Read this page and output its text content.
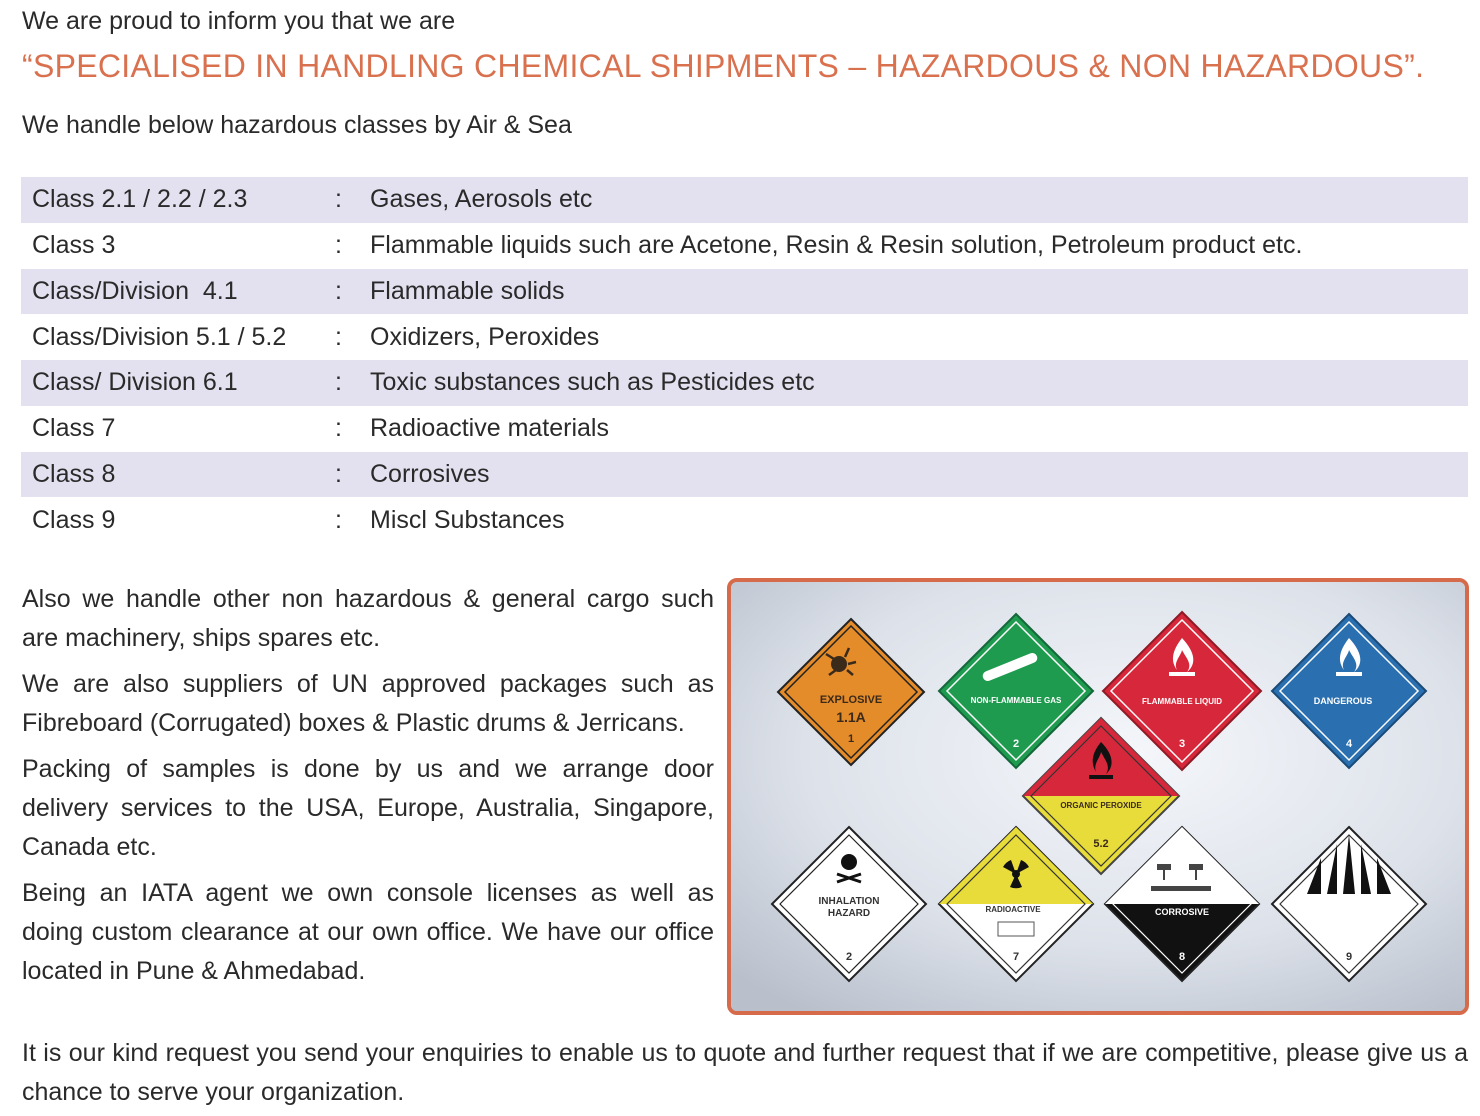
We are proud to inform you that we are

“SPECIALISED IN HANDLING CHEMICAL SHIPMENTS – HAZARDOUS & NON HAZARDOUS”.

We handle below hazardous classes by Air & Sea

Class 2.1 / 2.2 / 2.3	:	Gases, Aerosols etc
Class 3	:	Flammable liquids such are Acetone, Resin & Resin solution, Petroleum product etc.
Class/Division  4.1	:	Flammable solids
Class/Division 5.1 / 5.2	:	Oxidizers, Peroxides
Class/ Division 6.1	:	Toxic substances such as Pesticides etc
Class 7	:	Radioactive materials
Class 8	:	Corrosives
Class 9	:	Miscl Substances

Also we handle other non hazardous & general cargo such are machinery, ships spares etc.

We are also suppliers of UN approved packages such as Fibreboard (Corrugated) boxes & Plastic drums & Jerricans.

Packing of samples is done by us and we arrange door delivery services to the USA, Europe, Australia, Singapore, Canada etc.

Being an IATA agent we own console licenses as well as doing custom clearance at our own office. We have our office located in Pune & Ahmedabad.

EXPLOSIVE
1.1A
1
NON-FLAMMABLE GAS
2
FLAMMABLE LIQUID
3
DANGEROUS
4
ORGANIC PEROXIDE
5.2
INHALATION
HAZARD
2
RADIOACTIVE
7
CORROSIVE
8	9

It is our kind request you send your enquiries to enable us to quote and further request that if we are competitive, please give us a chance to serve your organization.
